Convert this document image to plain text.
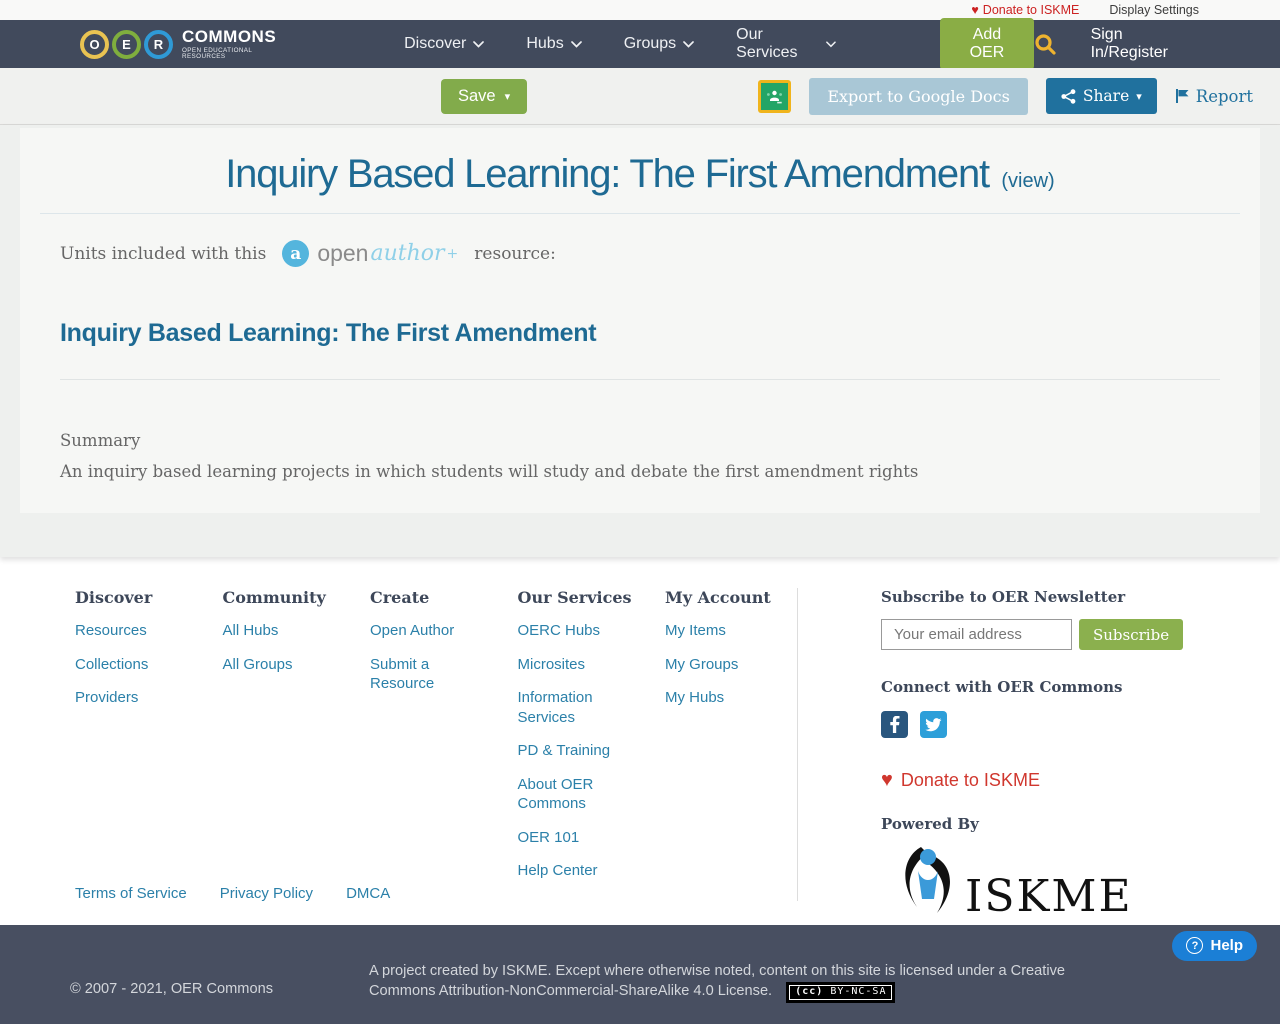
♥ Donate to ISKME Display Settings
O E R COMMONS
OPEN EDUCATIONAL RESOURCES
Discover	Hubs	Groups
Our Services
Add OER
Sign In/Register
Save ▾	Export to Google Docs	Share ▾	Report
Inquiry Based Learning: The First Amendment (view)
Units included with this	a open author + resource:
Inquiry Based Learning: The First Amendment
Summary
An inquiry based learning projects in which students will study and debate the first amendment rights
Discover
Resources
Collections
Providers
Community
All Hubs
All Groups
Create
Open Author
Submit a Resource
Our Services
OERC Hubs
Microsites
Information Services
PD & Training
About OER Commons
OER 101
Help Center
My Account
My Items
My Groups
My Hubs
Subscribe to OER Newsletter
Your email address
Subscribe
Connect with OER Commons
♥ Donate to ISKME
Powered By
ISKME
Terms of Service Privacy Policy DMCA
© 2007 - 2021, OER Commons
A project created by ISKME. Except where otherwise noted, content on this site is licensed under a Creative Commons Attribution-NonCommercial-ShareAlike 4.0 License. (cc) BY-NC-SA
? Help
